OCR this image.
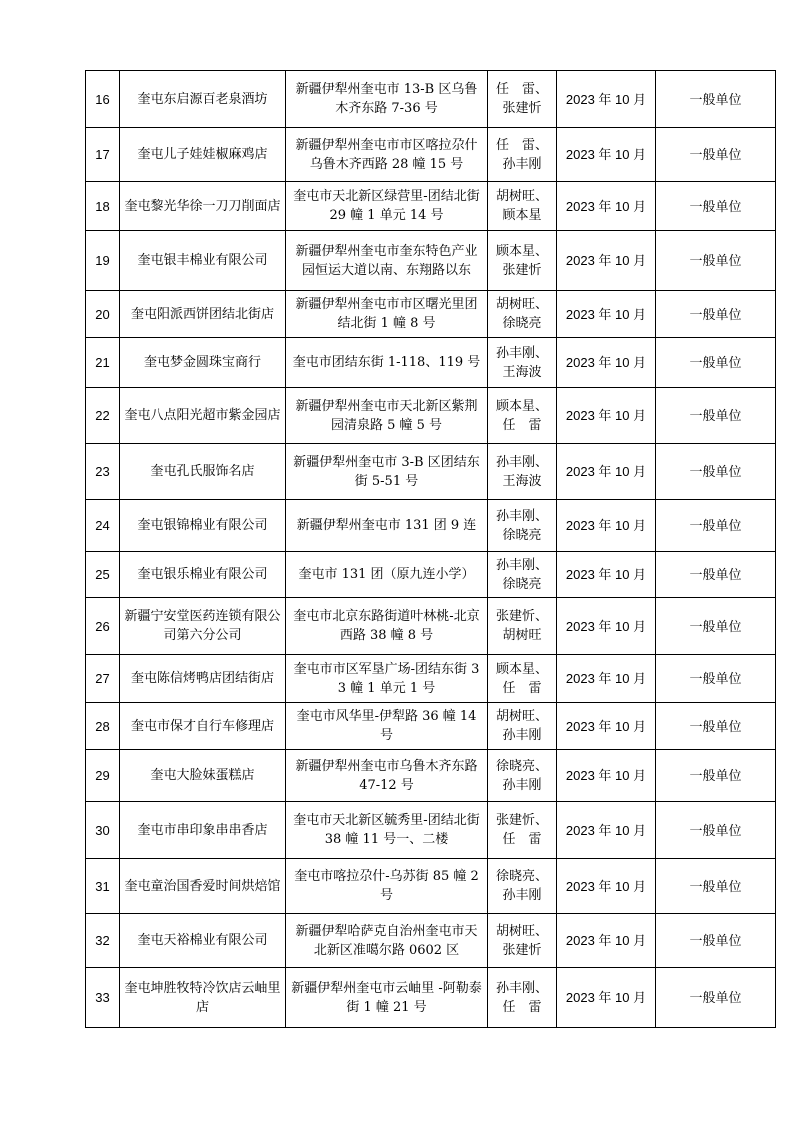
16	奎屯东启源百老泉酒坊	新疆伊犁州奎屯市 13-B 区乌鲁木齐东路 7-36 号	任　雷、张建忻	2023 年 10 月	一般单位
17	奎屯儿子娃娃椒麻鸡店	新疆伊犁州奎屯市市区喀拉尕什乌鲁木齐西路 28 幢 15 号	任　雷、孙丰刚	2023 年 10 月	一般单位
18	奎屯黎光华徐一刀刀削面店	奎屯市天北新区绿营里-团结北街 29 幢 1 单元 14 号	胡树旺、顾本星	2023 年 10 月	一般单位
19	奎屯银丰棉业有限公司	新疆伊犁州奎屯市奎东特色产业园恒运大道以南、东翔路以东	顾本星、张建忻	2023 年 10 月	一般单位
20	奎屯阳派西饼团结北街店	新疆伊犁州奎屯市市区曙光里团结北街 1 幢 8 号	胡树旺、徐晓亮	2023 年 10 月	一般单位
21	奎屯梦金圆珠宝商行	奎屯市团结东街 1-118、119 号	孙丰刚、王海波	2023 年 10 月	一般单位
22	奎屯八点阳光超市紫金园店	新疆伊犁州奎屯市天北新区紫荆园清泉路 5 幢 5 号	顾本星、任　雷	2023 年 10 月	一般单位
23	奎屯孔氏服饰名店	新疆伊犁州奎屯市 3-B 区团结东街 5-51 号	孙丰刚、王海波	2023 年 10 月	一般单位
24	奎屯银锦棉业有限公司	新疆伊犁州奎屯市 131 团 9 连	孙丰刚、徐晓亮	2023 年 10 月	一般单位
25	奎屯银乐棉业有限公司	奎屯市 131 团（原九连小学）	孙丰刚、徐晓亮	2023 年 10 月	一般单位
26	新疆宁安堂医药连锁有限公司第六分公司	奎屯市北京东路街道叶林桃-北京西路 38 幢 8 号	张建忻、胡树旺	2023 年 10 月	一般单位
27	奎屯陈信烤鸭店团结街店	奎屯市市区军垦广场-团结东街 33 幢 1 单元 1 号	顾本星、任　雷	2023 年 10 月	一般单位
28	奎屯市保才自行车修理店	奎屯市风华里-伊犁路 36 幢 14 号	胡树旺、孙丰刚	2023 年 10 月	一般单位
29	奎屯大脸妹蛋糕店	新疆伊犁州奎屯市乌鲁木齐东路 47-12 号	徐晓亮、孙丰刚	2023 年 10 月	一般单位
30	奎屯市串印象串串香店	奎屯市天北新区毓秀里-团结北街 38 幢 11 号一、二楼	张建忻、任　雷	2023 年 10 月	一般单位
31	奎屯童治国香爱时间烘焙馆	奎屯市喀拉尕什-乌苏街 85 幢 2 号	徐晓亮、孙丰刚	2023 年 10 月	一般单位
32	奎屯天裕棉业有限公司	新疆伊犁哈萨克自治州奎屯市天北新区准噶尔路 0602 区	胡树旺、张建忻	2023 年 10 月	一般单位
33	奎屯坤胜牧特冷饮店云岫里店	新疆伊犁州奎屯市云岫里 -阿勒泰街 1 幢 21 号	孙丰刚、任　雷	2023 年 10 月	一般单位
